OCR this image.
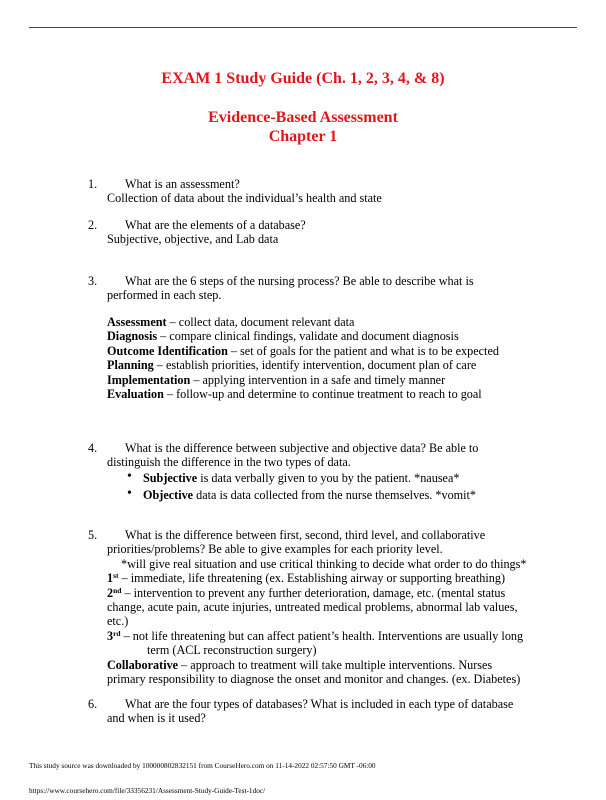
EXAM 1 Study Guide (Ch. 1, 2, 3, 4, & 8)
Evidence-Based Assessment
Chapter 1
1.	What is an assessment?
Collection of data about the individual’s health and state
2.	What are the elements of a database?
Subjective, objective, and Lab data
3.	What are the 6 steps of the nursing process? Be able to describe what is
performed in each step.
Assessment – collect data, document relevant data
Diagnosis – compare clinical findings, validate and document diagnosis
Outcome Identification – set of goals for the patient and what is to be expected
Planning – establish priorities, identify intervention, document plan of care
Implementation – applying intervention in a safe and timely manner
Evaluation – follow-up and determine to continue treatment to reach to goal
4.	What is the difference between subjective and objective data? Be able to
distinguish the difference in the two types of data.
• Subjective is data verbally given to you by the patient. *nausea*
• Objective data is data collected from the nurse themselves. *vomit*
5.	What is the difference between first, second, third level, and collaborative
priorities/problems? Be able to give examples for each priority level.
*will give real situation and use critical thinking to decide what order to do things*
1st – immediate, life threatening (ex. Establishing airway or supporting breathing)
2nd – intervention to prevent any further deterioration, damage, etc. (mental status
change, acute pain, acute injuries, untreated medical problems, abnormal lab values,
etc.)
3rd – not life threatening but can affect patient’s health. Interventions are usually long
term (ACL reconstruction surgery)
Collaborative – approach to treatment will take multiple interventions. Nurses
primary responsibility to diagnose the onset and monitor and changes. (ex. Diabetes)
6.	What are the four types of databases? What is included in each type of database
and when is it used?
This study source was downloaded by 100000802832151 from CourseHero.com on 11-14-2022 02:57:50 GMT -06:00
https://www.coursehero.com/file/33356231/Assessment-Study-Guide-Test-1doc/
